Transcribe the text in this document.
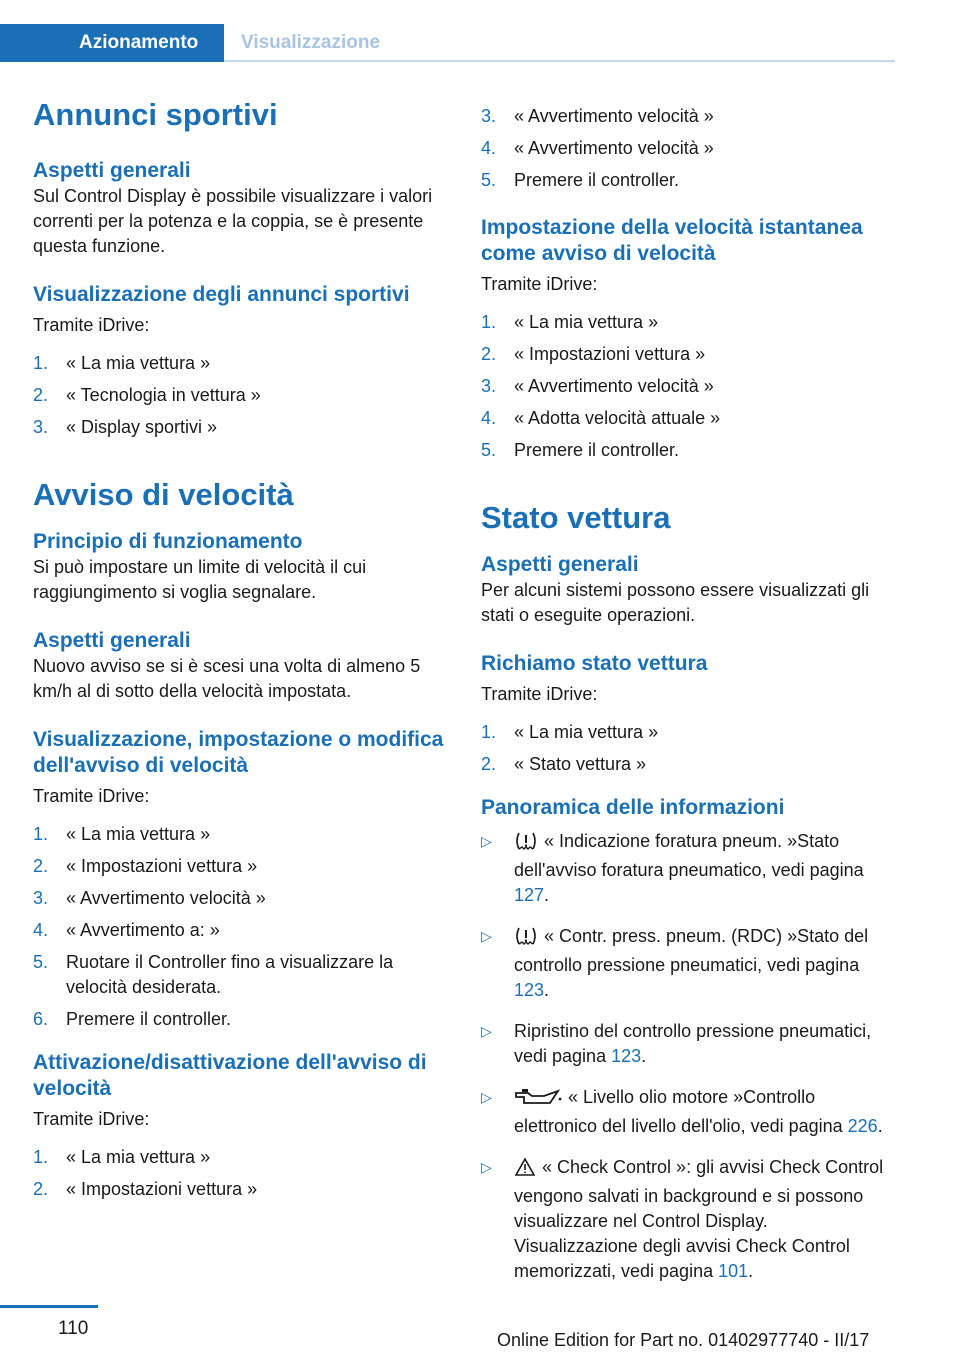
Azionamento	Visualizzazione
Annunci sportivi
Aspetti generali

Sul Control Display è possibile visualizzare i valori correnti per la potenza e la coppia, se è presente questa funzione.

Visualizzazione degli annunci sportivi

Tramite iDrive:

1. « La mia vettura »
2. « Tecnologia in vettura »
3. « Display sportivi »
Avviso di velocità
Principio di funzionamento

Si può impostare un limite di velocità il cui raggiungimento si voglia segnalare.

Aspetti generali

Nuovo avviso se si è scesi una volta di almeno 5 km/h al di sotto della velocità impostata.

Visualizzazione, impostazione o modifica dell'avviso di velocità

Tramite iDrive:

1. « La mia vettura »
2. « Impostazioni vettura »
3. « Avvertimento velocità »
4. « Avvertimento a: »
5. Ruotare il Controller fino a visualizzare la velocità desiderata.
6. Premere il controller.
Attivazione/disattivazione dell'avviso di velocità

Tramite iDrive:

1. « La mia vettura »
2. « Impostazioni vettura »
3. « Avvertimento velocità »
4. « Avvertimento velocità »
5. Premere il controller.
Impostazione della velocità istantanea come avviso di velocità

Tramite iDrive:

1. « La mia vettura »
2. « Impostazioni vettura »
3. « Avvertimento velocità »
4. « Adotta velocità attuale »
5. Premere il controller.
Stato vettura
Aspetti generali

Per alcuni sistemi possono essere visualizzati gli stati o eseguite operazioni.

Richiamo stato vettura

Tramite iDrive:

1. « La mia vettura »
2. « Stato vettura »
Panoramica delle informazioni
▷	« Indicazione foratura pneum. »Stato dell'avviso foratura pneumatico, vedi pagina 127.
▷	« Contr. press. pneum. (RDC) »Stato del controllo pressione pneumatici, vedi pagina 123.
▷ Ripristino del controllo pressione pneumatici, vedi pagina 123.
▷	« Livello olio motore »Controllo elettronico del livello dell'olio, vedi pagina 226.
▷	« Check Control »: gli avvisi Check Control vengono salvati in background e si possono visualizzare nel Control Display. Visualizzazione degli avvisi Check Control memorizzati, vedi pagina 101.
110
Online Edition for Part no. 01402977740 - II/17
